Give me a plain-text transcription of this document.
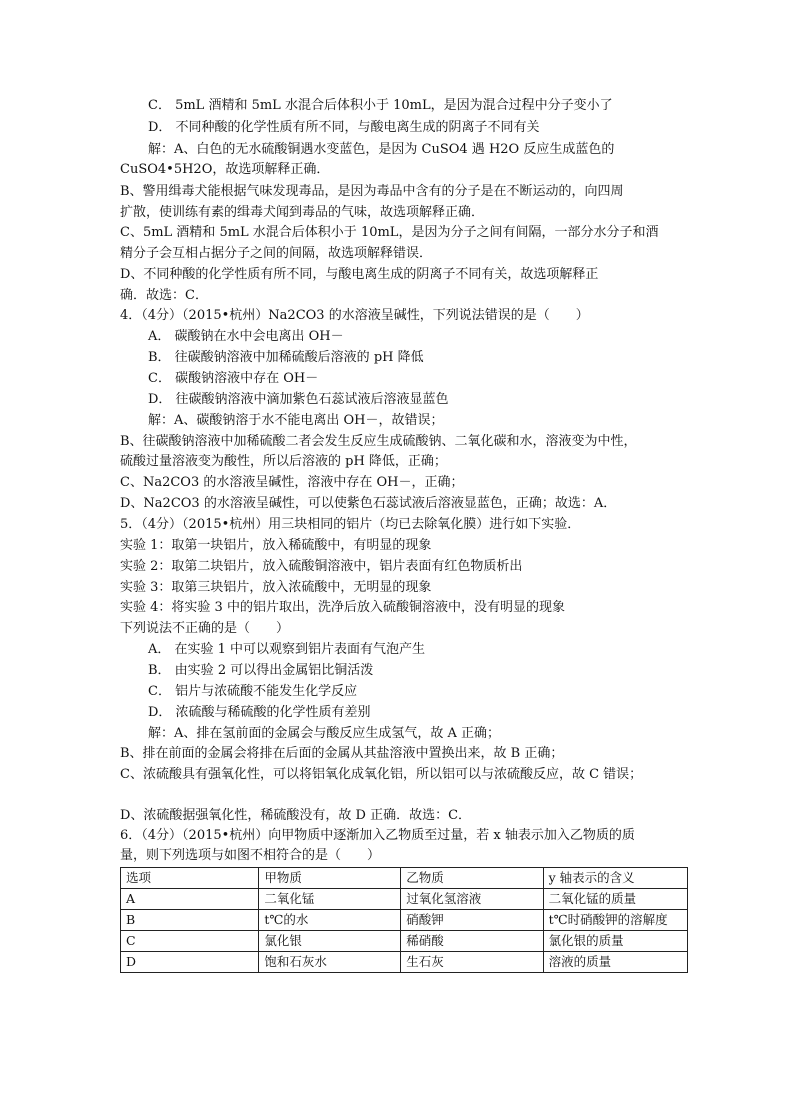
C． 5mL 酒精和 5mL 水混合后体积小于 10mL，是因为混合过程中分子变小了
D． 不同种酸的化学性质有所不同，与酸电离生成的阴离子不同有关
解：A、白色的无水硫酸铜遇水变蓝色，是因为 CuSO4 遇 H2O 反应生成蓝色的
CuSO4•5H2O，故选项解释正确．
B、警用缉毒犬能根据气味发现毒品，是因为毒品中含有的分子是在不断运动的，向四周
扩散，使训练有素的缉毒犬闻到毒品的气味，故选项解释正确．
C、5mL 酒精和 5mL 水混合后体积小于 10mL，是因为分子之间有间隔，一部分水分子和酒
精分子会互相占据分子之间的间隔，故选项解释错误．
D、不同种酸的化学性质有所不同，与酸电离生成的阴离子不同有关，故选项解释正
确．故选：C．
4．（4分）（2015•杭州）Na2CO3 的水溶液呈碱性，下列说法错误的是（　　）
A． 碳酸钠在水中会电离出 OH－
B． 往碳酸钠溶液中加稀硫酸后溶液的 pH 降低
C． 碳酸钠溶液中存在 OH－
D． 往碳酸钠溶液中滴加紫色石蕊试液后溶液显蓝色
解：A、碳酸钠溶于水不能电离出 OH－，故错误；
B、往碳酸钠溶液中加稀硫酸二者会发生反应生成硫酸钠、二氧化碳和水，溶液变为中性，
硫酸过量溶液变为酸性，所以后溶液的 pH 降低，正确；
C、Na2CO3 的水溶液呈碱性，溶液中存在 OH－，正确；
D、Na2CO3 的水溶液呈碱性，可以使紫色石蕊试液后溶液显蓝色，正确；故选：A．
5．（4分）（2015•杭州）用三块相同的铝片（均已去除氧化膜）进行如下实验．
实验 1：取第一块铝片，放入稀硫酸中，有明显的现象
实验 2：取第二块铝片，放入硫酸铜溶液中，铝片表面有红色物质析出
实验 3：取第三块铝片，放入浓硫酸中，无明显的现象
实验 4：将实验 3 中的铝片取出，洗净后放入硫酸铜溶液中，没有明显的现象
下列说法不正确的是（　　）
A． 在实验 1 中可以观察到铝片表面有气泡产生
B． 由实验 2 可以得出金属铝比铜活泼
C． 铝片与浓硫酸不能发生化学反应
D． 浓硫酸与稀硫酸的化学性质有差别
解：A、排在氢前面的金属会与酸反应生成氢气，故 A 正确；
B、排在前面的金属会将排在后面的金属从其盐溶液中置换出来，故 B 正确；
C、浓硫酸具有强氧化性，可以将铝氧化成氧化铝，所以铝可以与浓硫酸反应，故 C 错误；
D、浓硫酸据强氧化性，稀硫酸没有，故 D 正确．故选：C．
6．（4分）（2015•杭州）向甲物质中逐渐加入乙物质至过量，若 x 轴表示加入乙物质的质
量，则下列选项与如图不相符合的是（　　）
选项	甲物质	乙物质	y 轴表示的含义
A	二氧化锰	过氧化氢溶液	二氧化锰的质量
B	t℃的水	硝酸钾	t℃时硝酸钾的溶解度
C	氯化银	稀硝酸	氯化银的质量
D	饱和石灰水	生石灰	溶液的质量
